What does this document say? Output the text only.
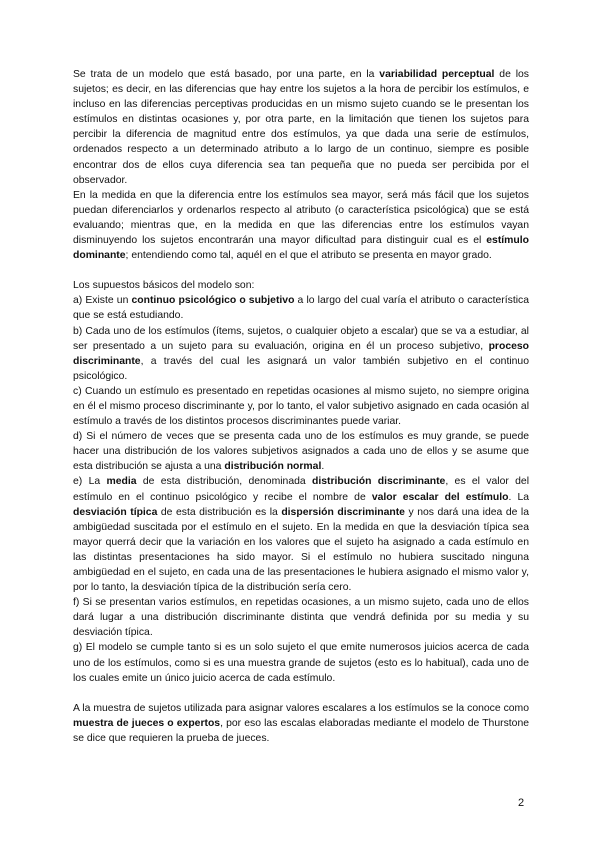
Se trata de un modelo que está basado, por una parte, en la variabilidad perceptual de los sujetos; es decir, en las diferencias que hay entre los sujetos a la hora de percibir los estímulos, e incluso en las diferencias perceptivas producidas en un mismo sujeto cuando se le presentan los estímulos en distintas ocasiones y, por otra parte, en la limitación que tienen los sujetos para percibir la diferencia de magnitud entre dos estímulos, ya que dada una serie de estímulos, ordenados respecto a un determinado atributo a lo largo de un continuo, siempre es posible encontrar dos de ellos cuya diferencia sea tan pequeña que no pueda ser percibida por el observador.

En la medida en que la diferencia entre los estímulos sea mayor, será más fácil que los sujetos puedan diferenciarlos y ordenarlos respecto al atributo (o característica psicológica) que se está evaluando; mientras que, en la medida en que las diferencias entre los estímulos vayan disminuyendo los sujetos encontrarán una mayor dificultad para distinguir cual es el estímulo dominante; entendiendo como tal, aquél en el que el atributo se presenta en mayor grado.

Los supuestos básicos del modelo son:

a) Existe un continuo psicológico o subjetivo a lo largo del cual varía el atributo o característica que se está estudiando.

b) Cada uno de los estímulos (ítems, sujetos, o cualquier objeto a escalar) que se va a estudiar, al ser presentado a un sujeto para su evaluación, origina en él un proceso subjetivo, proceso discriminante, a través del cual les asignará un valor también subjetivo en el continuo psicológico.

c) Cuando un estímulo es presentado en repetidas ocasiones al mismo sujeto, no siempre origina en él el mismo proceso discriminante y, por lo tanto, el valor subjetivo asignado en cada ocasión al estímulo a través de los distintos procesos discriminantes puede variar.

d) Si el número de veces que se presenta cada uno de los estímulos es muy grande, se puede hacer una distribución de los valores subjetivos asignados a cada uno de ellos y se asume que esta distribución se ajusta a una distribución normal.

e) La media de esta distribución, denominada distribución discriminante, es el valor del estímulo en el continuo psicológico y recibe el nombre de valor escalar del estímulo. La desviación típica de esta distribución es la dispersión discriminante y nos dará una idea de la ambigüedad suscitada por el estímulo en el sujeto. En la medida en que la desviación típica sea mayor querrá decir que la variación en los valores que el sujeto ha asignado a cada estímulo en las distintas presentaciones ha sido mayor. Si el estímulo no hubiera suscitado ninguna ambigüedad en el sujeto, en cada una de las presentaciones le hubiera asignado el mismo valor y, por lo tanto, la desviación típica de la distribución sería cero.

f) Si se presentan varios estímulos, en repetidas ocasiones, a un mismo sujeto, cada uno de ellos dará lugar a una distribución discriminante distinta que vendrá definida por su media y su desviación típica.

g) El modelo se cumple tanto si es un solo sujeto el que emite numerosos juicios acerca de cada uno de los estímulos, como si es una muestra grande de sujetos (esto es lo habitual), cada uno de los cuales emite un único juicio acerca de cada estímulo.

A la muestra de sujetos utilizada para asignar valores escalares a los estímulos se la conoce como muestra de jueces o expertos, por eso las escalas elaboradas mediante el modelo de Thurstone se dice que requieren la prueba de jueces.

2
